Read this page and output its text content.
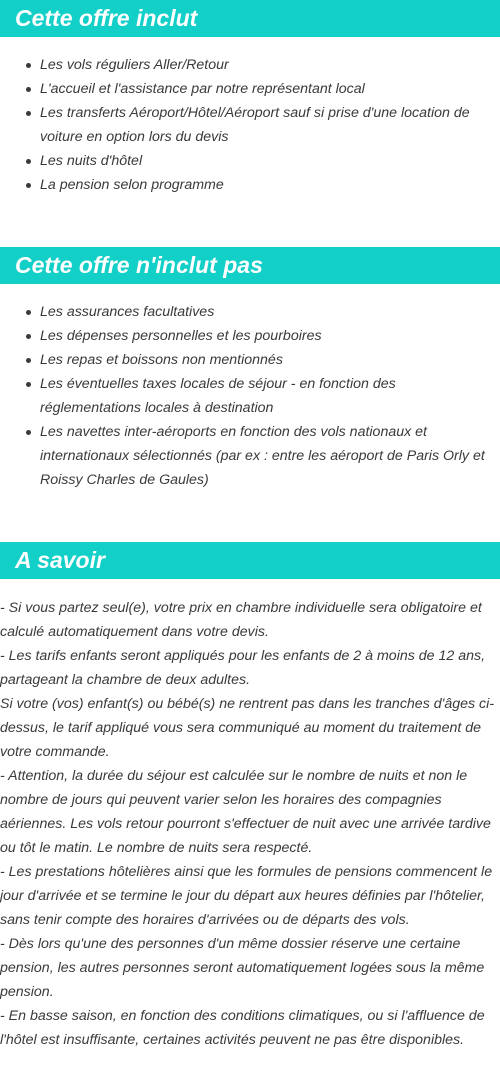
Cette offre inclut
Les vols réguliers Aller/Retour
L'accueil et l'assistance par notre représentant local
Les transferts Aéroport/Hôtel/Aéroport sauf si prise d'une location de voiture en option lors du devis
Les nuits d'hôtel
La pension selon programme
Cette offre n'inclut pas
Les assurances facultatives
Les dépenses personnelles et les pourboires
Les repas et boissons non mentionnés
Les éventuelles taxes locales de séjour - en fonction des réglementations locales à destination
Les navettes inter-aéroports en fonction des vols nationaux et internationaux sélectionnés (par ex : entre les aéroport de Paris Orly et Roissy Charles de Gaules)
A savoir

- Si vous partez seul(e), votre prix en chambre individuelle sera obligatoire et calculé automatiquement dans votre devis.

- Les tarifs enfants seront appliqués pour les enfants de 2 à moins de 12 ans, partageant la chambre de deux adultes.

Si votre (vos) enfant(s) ou bébé(s) ne rentrent pas dans les tranches d'âges ci-dessus, le tarif appliqué vous sera communiqué au moment du traitement de votre commande.

- Attention, la durée du séjour est calculée sur le nombre de nuits et non le nombre de jours qui peuvent varier selon les horaires des compagnies aériennes. Les vols retour pourront s'effectuer de nuit avec une arrivée tardive ou tôt le matin. Le nombre de nuits sera respecté.

- Les prestations hôtelières ainsi que les formules de pensions commencent le jour d'arrivée et se termine le jour du départ aux heures définies par l'hôtelier, sans tenir compte des horaires d'arrivées ou de départs des vols.

- Dès lors qu'une des personnes d'un même dossier réserve une certaine pension, les autres personnes seront automatiquement logées sous la même pension.

- En basse saison, en fonction des conditions climatiques, ou si l'affluence de l'hôtel est insuffisante, certaines activités peuvent ne pas être disponibles.
